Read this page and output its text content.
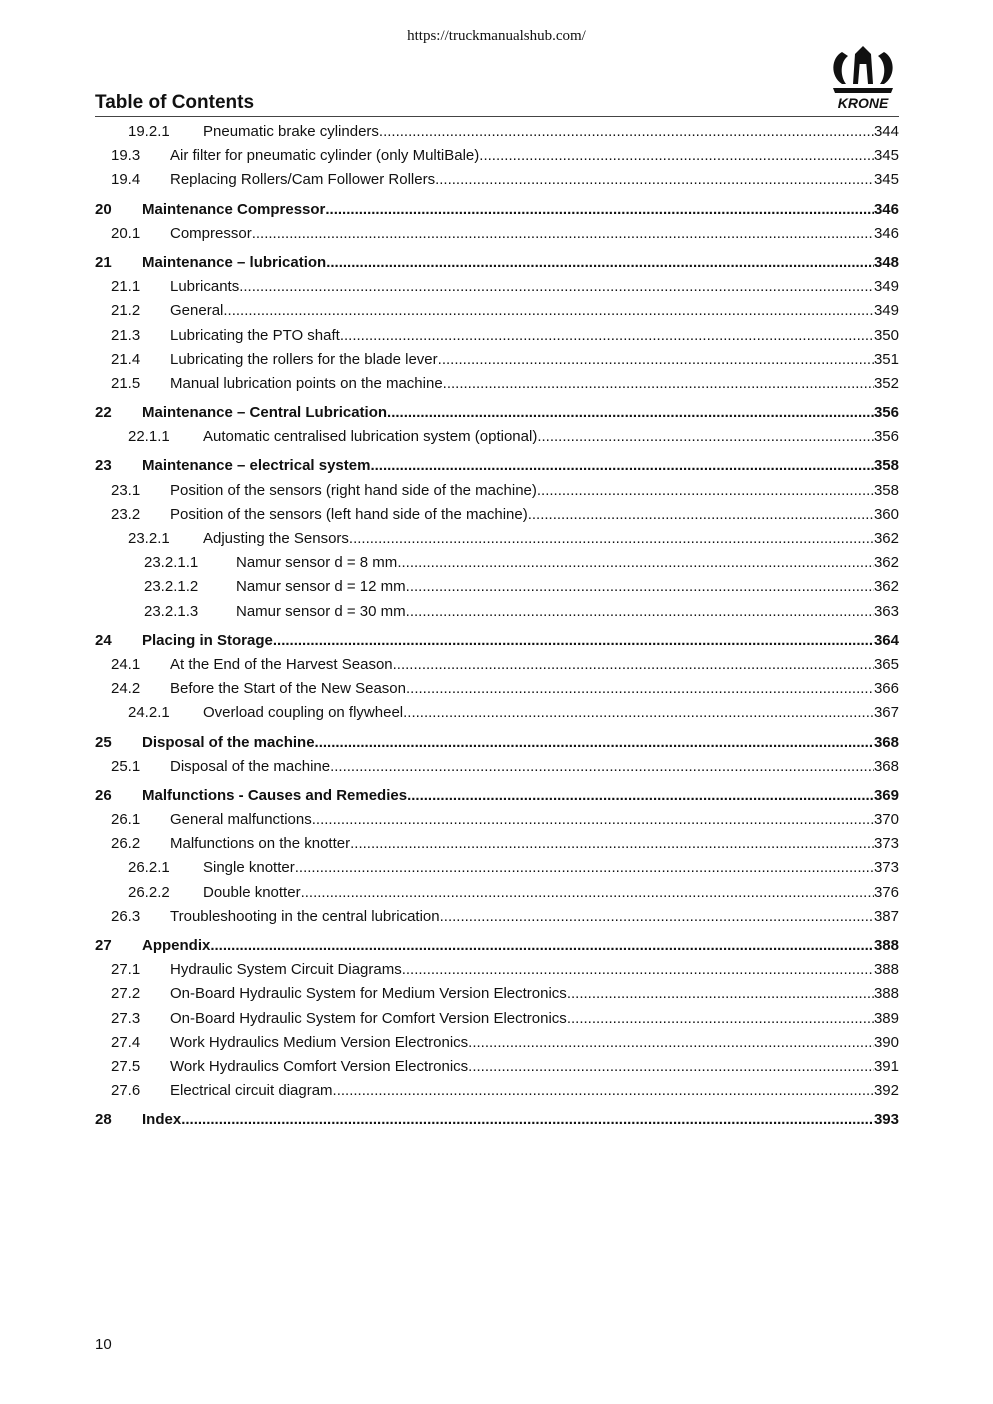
https://truckmanualshub.com/
Table of Contents	KRONE
19.2.1 Pneumatic brake cylinders .....	344
19.3 Air filter for pneumatic cylinder (only MultiBale) .....	345
19.4 Replacing Rollers/Cam Follower Rollers .....	345
20 Maintenance Compressor .....	346
20.1 Compressor .....	346
21 Maintenance – lubrication .....	348
21.1 Lubricants .....	349
21.2 General .....	349
21.3 Lubricating the PTO shaft .....	350
21.4 Lubricating the rollers for the blade lever .....	351
21.5 Manual lubrication points on the machine .....	352
22 Maintenance – Central Lubrication .....	356
22.1.1 Automatic centralised lubrication system (optional) .....	356
23 Maintenance – electrical system .....	358
23.1 Position of the sensors (right hand side of the machine) .....	358
23.2 Position of the sensors (left hand side of the machine) .....	360
23.2.1 Adjusting the Sensors .....	362
23.2.1.1	Namur sensor d = 8 mm .....	362
23.2.1.2	Namur sensor d = 12 mm .....	362
23.2.1.3	Namur sensor d = 30 mm .....	363
24 Placing in Storage .....	364
24.1 At the End of the Harvest Season .....	365
24.2 Before the Start of the New Season .....	366
24.2.1 Overload coupling on flywheel .....	367
25 Disposal of the machine .....	368
25.1 Disposal of the machine .....	368
26 Malfunctions - Causes and Remedies .....	369
26.1 General malfunctions .....	370
26.2 Malfunctions on the knotter .....	373
26.2.1 Single knotter .....	373
26.2.2 Double knotter .....	376
26.3 Troubleshooting in the central lubrication .....	387
27 Appendix .....	388
27.1 Hydraulic System Circuit Diagrams .....	388
27.2 On-Board Hydraulic System for Medium Version Electronics .....	388
27.3 On-Board Hydraulic System for Comfort Version Electronics .....	389
27.4 Work Hydraulics Medium Version Electronics .....	390
27.5 Work Hydraulics Comfort Version Electronics .....	391
27.6 Electrical circuit diagram .....	392
28 Index .....	393
10
